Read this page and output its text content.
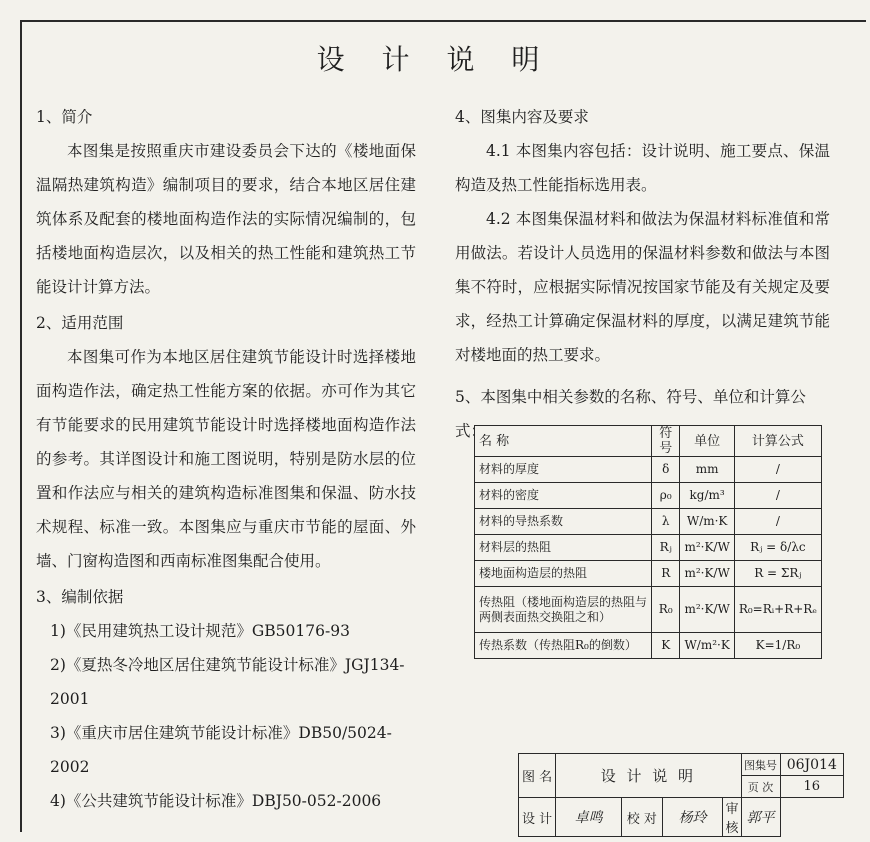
设 计 说 明

1、简介

本图集是按照重庆市建设委员会下达的《楼地面保温隔热建筑构造》编制项目的要求，结合本地区居住建筑体系及配套的楼地面构造作法的实际情况编制的，包括楼地面构造层次，以及相关的热工性能和建筑热工节能设计计算方法。

2、适用范围

本图集可作为本地区居住建筑节能设计时选择楼地面构造作法，确定热工性能方案的依据。亦可作为其它有节能要求的民用建筑节能设计时选择楼地面构造作法的参考。其详图设计和施工图说明，特别是防水层的位置和作法应与相关的建筑构造标准图集和保温、防水技术规程、标准一致。本图集应与重庆市节能的屋面、外墙、门窗构造图和西南标准图集配合使用。

3、编制依据

1)《民用建筑热工设计规范》GB50176-93

2)《夏热冬冷地区居住建筑节能设计标准》JGJ134-2001

3)《重庆市居住建筑节能设计标准》DB50/5024-2002

4)《公共建筑节能设计标准》DBJ50-052-2006

4、图集内容及要求

4.1 本图集内容包括：设计说明、施工要点、保温构造及热工性能指标选用表。

4.2 本图集保温材料和做法为保温材料标准值和常用做法。若设计人员选用的保温材料参数和做法与本图集不符时，应根据实际情况按国家节能及有关规定及要求，经热工计算确定保温材料的厚度，以满足建筑节能对楼地面的热工要求。

5、本图集中相关参数的名称、符号、单位和计算公式：

名 称	符号	单位	计算公式
材料的厚度	δ	mm	/
材料的密度	ρ₀	kg/m³	/
材料的导热系数	λ	W/m·K	/
材料层的热阻	Rⱼ	m²·K/W	Rⱼ = δ/λc
楼地面构造层的热阻	R	m²·K/W	R = ΣRⱼ
传热阻（楼地面构造层的热阻与两侧表面热交换阻之和）	R₀	m²·K/W	R₀=Rᵢ+R+Rₑ
传热系数（传热阻R₀的倒数）	K	W/m²·K	K=1/R₀
图 名	设 计 说 明				图集号	06J014
					页 次	16
设 计	卓鸣	校 对	杨玲	审 核	郭平	
